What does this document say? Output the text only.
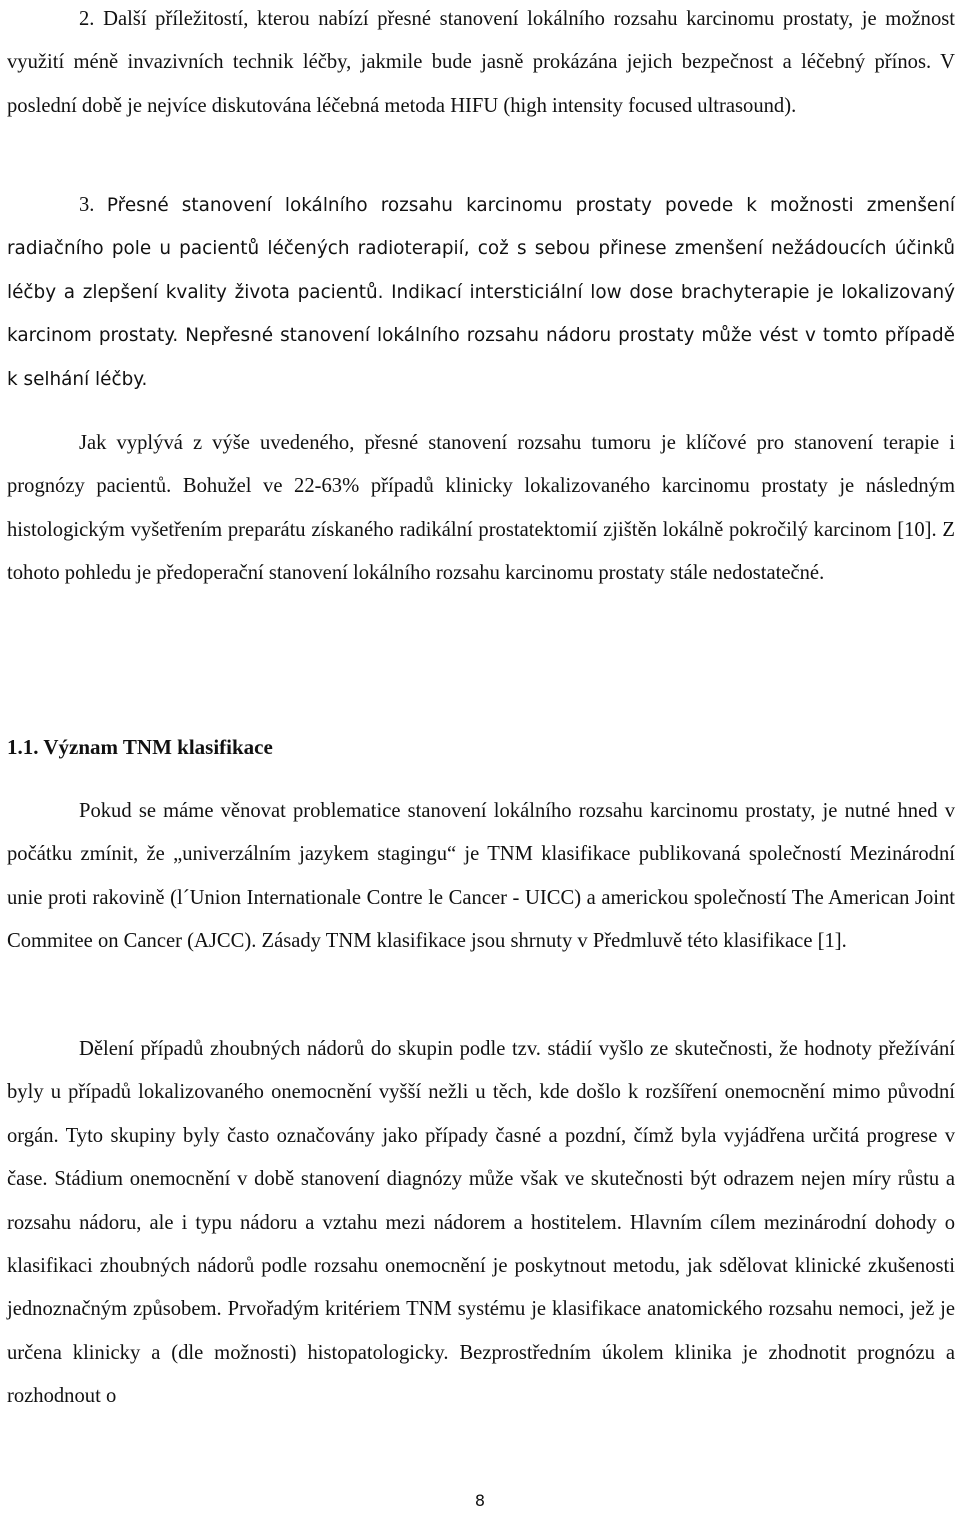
2. Další příležitostí, kterou nabízí přesné stanovení lokálního rozsahu karcinomu prostaty, je možnost využití méně invazivních technik léčby, jakmile bude jasně prokázána jejich bezpečnost a léčebný přínos. V poslední době je nejvíce diskutována léčebná metoda HIFU (high intensity focused ultrasound).

3. Přesné stanovení lokálního rozsahu karcinomu prostaty povede k možnosti zmenšení radiačního pole u pacientů léčených radioterapií, což s sebou přinese zmenšení nežádoucích účinků léčby a zlepšení kvality života pacientů. Indikací intersticiální low dose brachyterapie je lokalizovaný karcinom prostaty. Nepřesné stanovení lokálního rozsahu nádoru prostaty může vést v tomto případě k selhání léčby.

Jak vyplývá z výše uvedeného, přesné stanovení rozsahu tumoru je klíčové pro stanovení terapie i prognózy pacientů. Bohužel ve 22-63% případů klinicky lokalizovaného karcinomu prostaty je následným histologickým vyšetřením preparátu získaného radikální prostatektomií zjištěn lokálně pokročilý karcinom [10]. Z tohoto pohledu je předoperační stanovení lokálního rozsahu karcinomu prostaty stále nedostatečné.

1.1. Význam TNM klasifikace

Pokud se máme věnovat problematice stanovení lokálního rozsahu karcinomu prostaty, je nutné hned v počátku zmínit, že „univerzálním jazykem stagingu“ je TNM klasifikace publikovaná společností Mezinárodní unie proti rakovině (l´Union Internationale Contre le Cancer - UICC) a americkou společností The American Joint Commitee on Cancer (AJCC). Zásady TNM klasifikace jsou shrnuty v Předmluvě této klasifikace [1].

Dělení případů zhoubných nádorů do skupin podle tzv. stádií vyšlo ze skutečnosti, že hodnoty přežívání byly u případů lokalizovaného onemocnění vyšší nežli u těch, kde došlo k rozšíření onemocnění mimo původní orgán. Tyto skupiny byly často označovány jako případy časné a pozdní, čímž byla vyjádřena určitá progrese v čase. Stádium onemocnění v době stanovení diagnózy může však ve skutečnosti být odrazem nejen míry růstu a rozsahu nádoru, ale i typu nádoru a vztahu mezi nádorem a hostitelem. Hlavním cílem mezinárodní dohody o klasifikaci zhoubných nádorů podle rozsahu onemocnění je poskytnout metodu, jak sdělovat klinické zkušenosti jednoznačným způsobem. Prvořadým kritériem TNM systému je klasifikace anatomického rozsahu nemoci, jež je určena klinicky a (dle možnosti) histopatologicky. Bezprostředním úkolem klinika je zhodnotit prognózu a rozhodnout o

8
